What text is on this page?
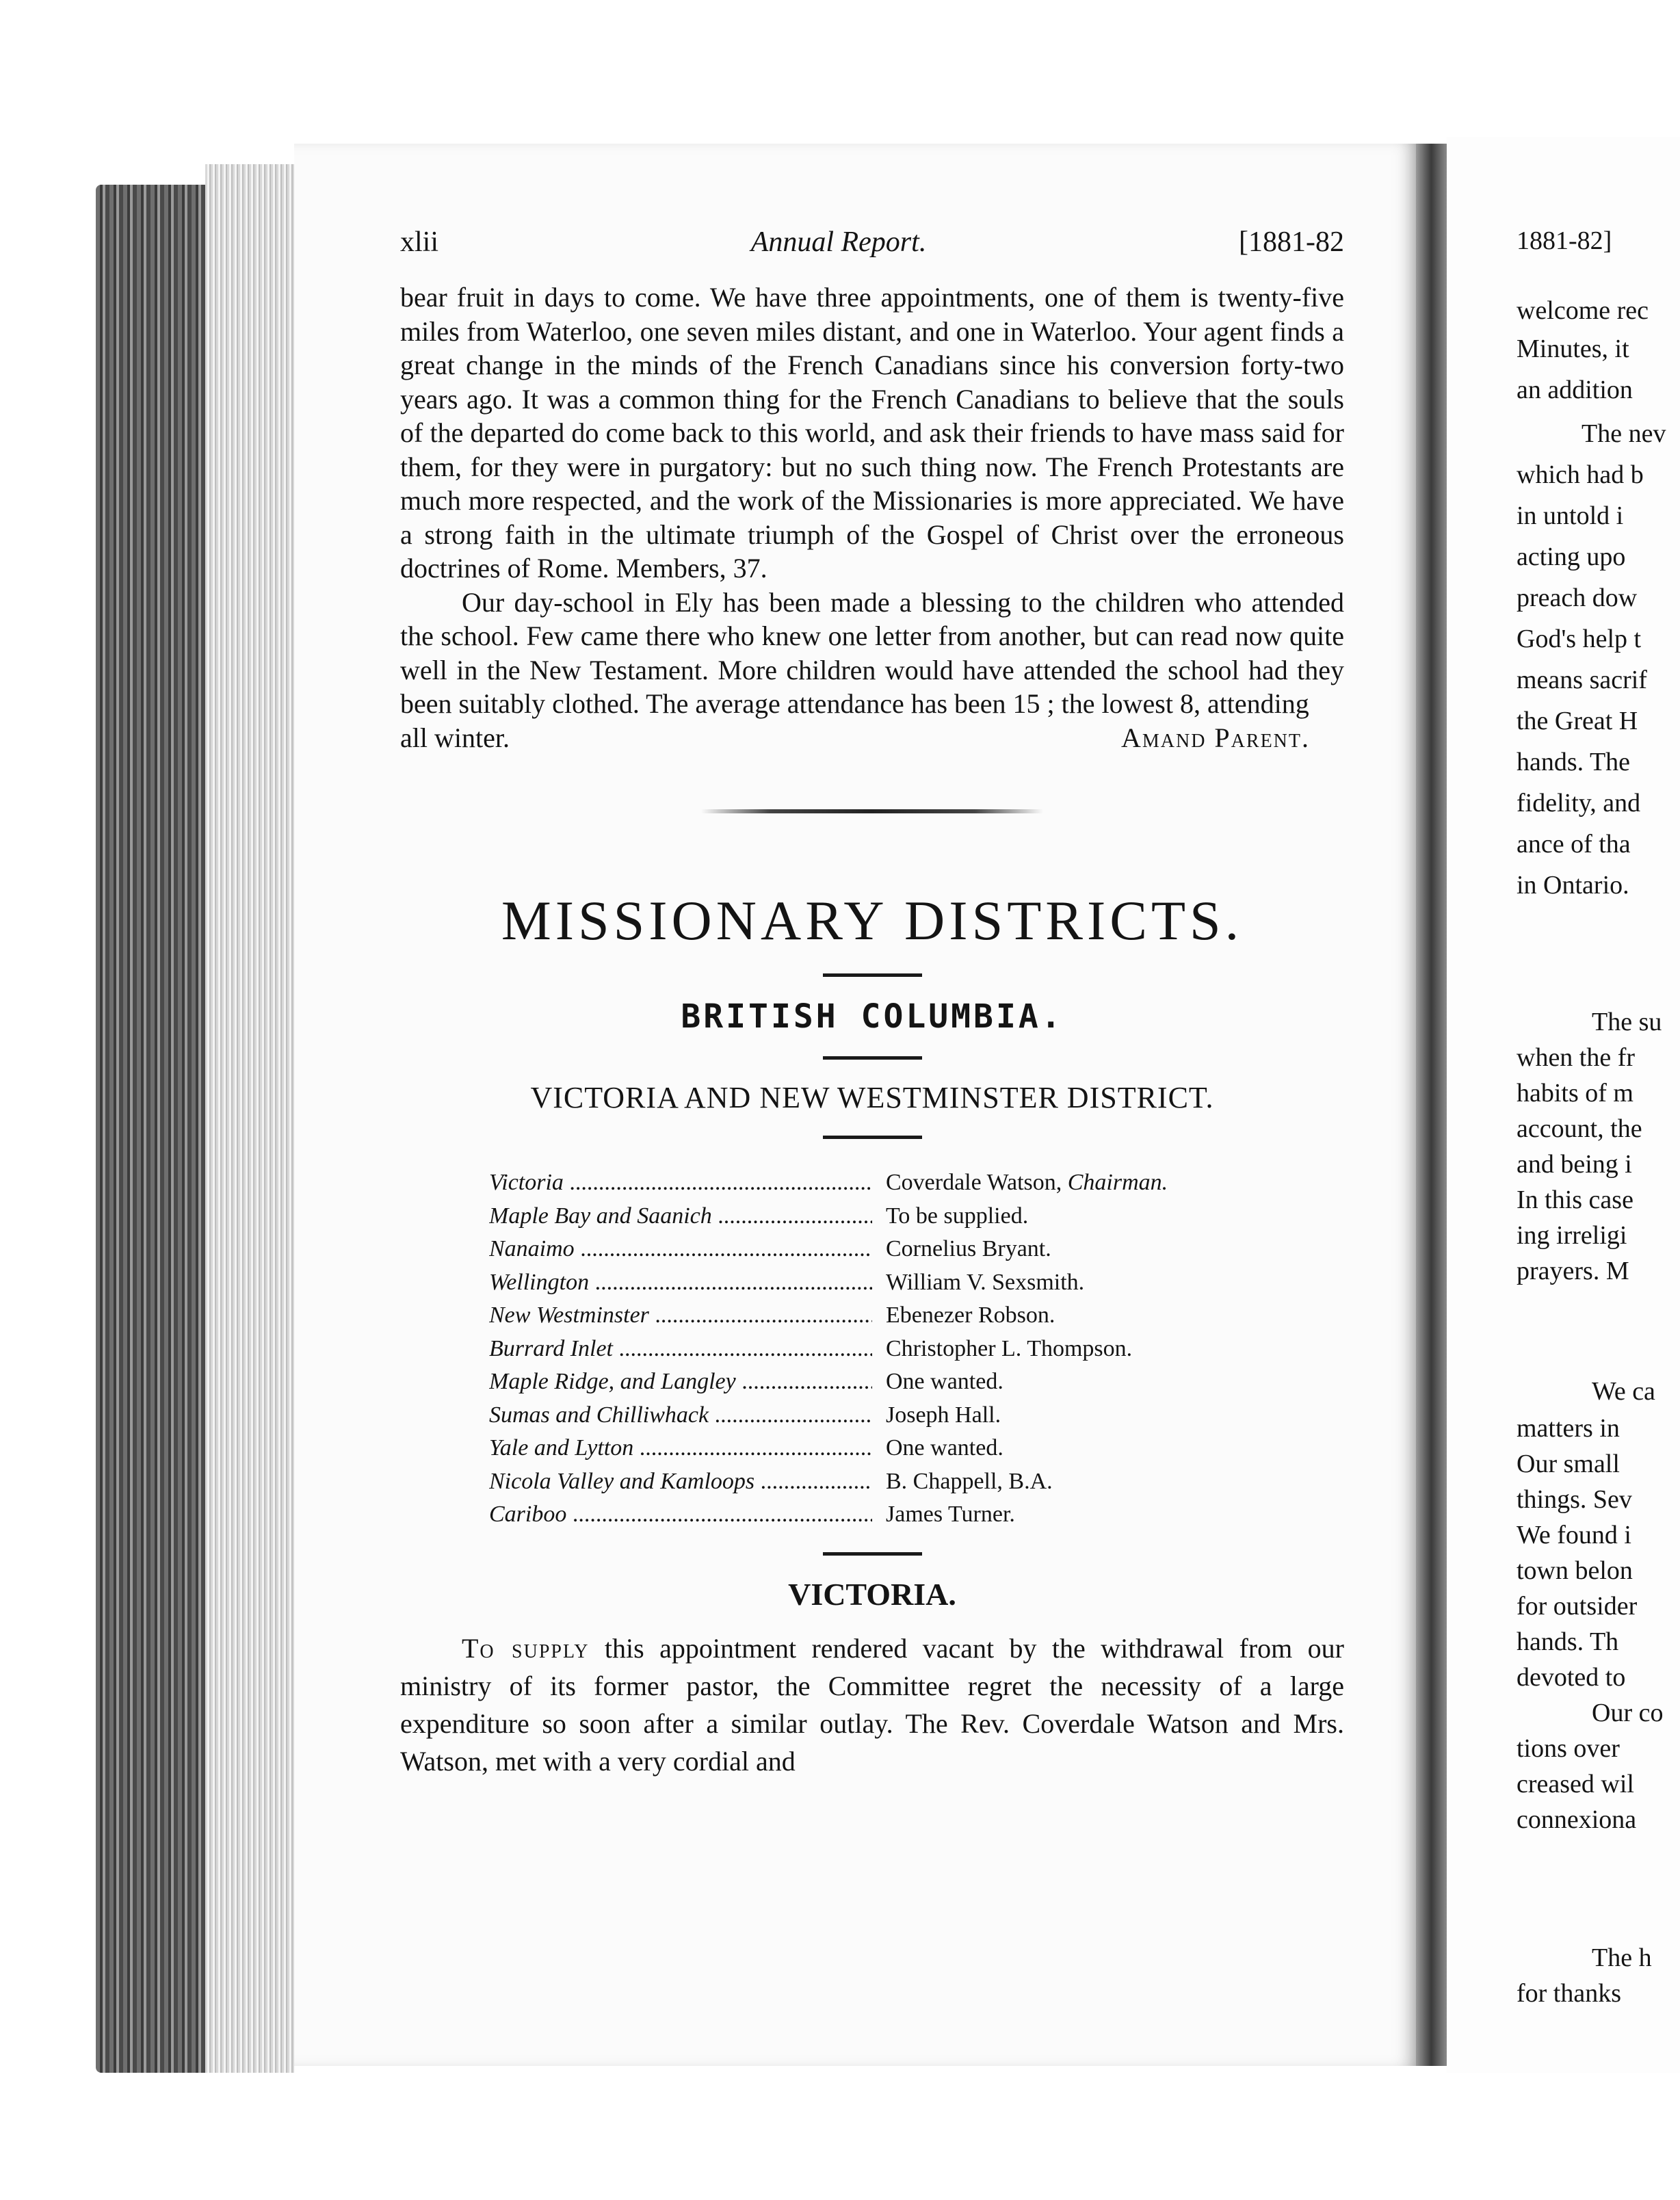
xlii	Annual Report.	[1881-82

bear fruit in days to come. We have three appointments, one of them is twenty-five miles from Waterloo, one seven miles distant, and one in Waterloo. Your agent finds a great change in the minds of the French Canadians since his conversion forty-two years ago. It was a common thing for the French Canadians to believe that the souls of the departed do come back to this world, and ask their friends to have mass said for them, for they were in purgatory: but no such thing now. The French Protestants are much more respected, and the work of the Missionaries is more appreciated. We have a strong faith in the ultimate triumph of the Gospel of Christ over the erroneous doctrines of Rome. Members, 37.

Our day-school in Ely has been made a blessing to the children who attended the school. Few came there who knew one letter from another, but can read now quite well in the New Testament. More children would have attended the school had they been suitably clothed. The average attendance has been 15 ; the lowest 8, attending

all winter.	Amand Parent.
MISSIONARY DISTRICTS.
BRITISH COLUMBIA.
VICTORIA AND NEW WESTMINSTER DISTRICT.
Victoria .....	Coverdale Watson, Chairman.
Maple Bay and Saanich .....	To be supplied.
Nanaimo .....	Cornelius Bryant.
Wellington .....	William V. Sexsmith.
New Westminster .....	Ebenezer Robson.
Burrard Inlet .....	Christopher L. Thompson.
Maple Ridge, and Langley .....	One wanted.
Sumas and Chilliwhack .....	Joseph Hall.
Yale and Lytton .....	One wanted.
Nicola Valley and Kamloops .....	B. Chappell, B.A.
Cariboo .....	James Turner.
VICTORIA.

To supply this appointment rendered vacant by the withdrawal from our ministry of its former pastor, the Committee regret the necessity of a large expenditure so soon after a similar outlay. The Rev. Coverdale Watson and Mrs. Watson, met with a very cordial and

1881-82]
welcome rec
Minutes, it
an addition
The nev
which had b
in untold i
acting upo
preach dow
God's help t
means sacrif
the Great H
hands. The
fidelity, and
ance of tha
in Ontario.
The su
when the fr
habits of m
account, the
and being i
In this case
ing irreligi
prayers. M
We ca
matters in
Our small
things. Sev
We found i
town belon
for outsider
hands. Th
devoted to
Our co
tions over
creased wil
connexiona
The h
for thanks
